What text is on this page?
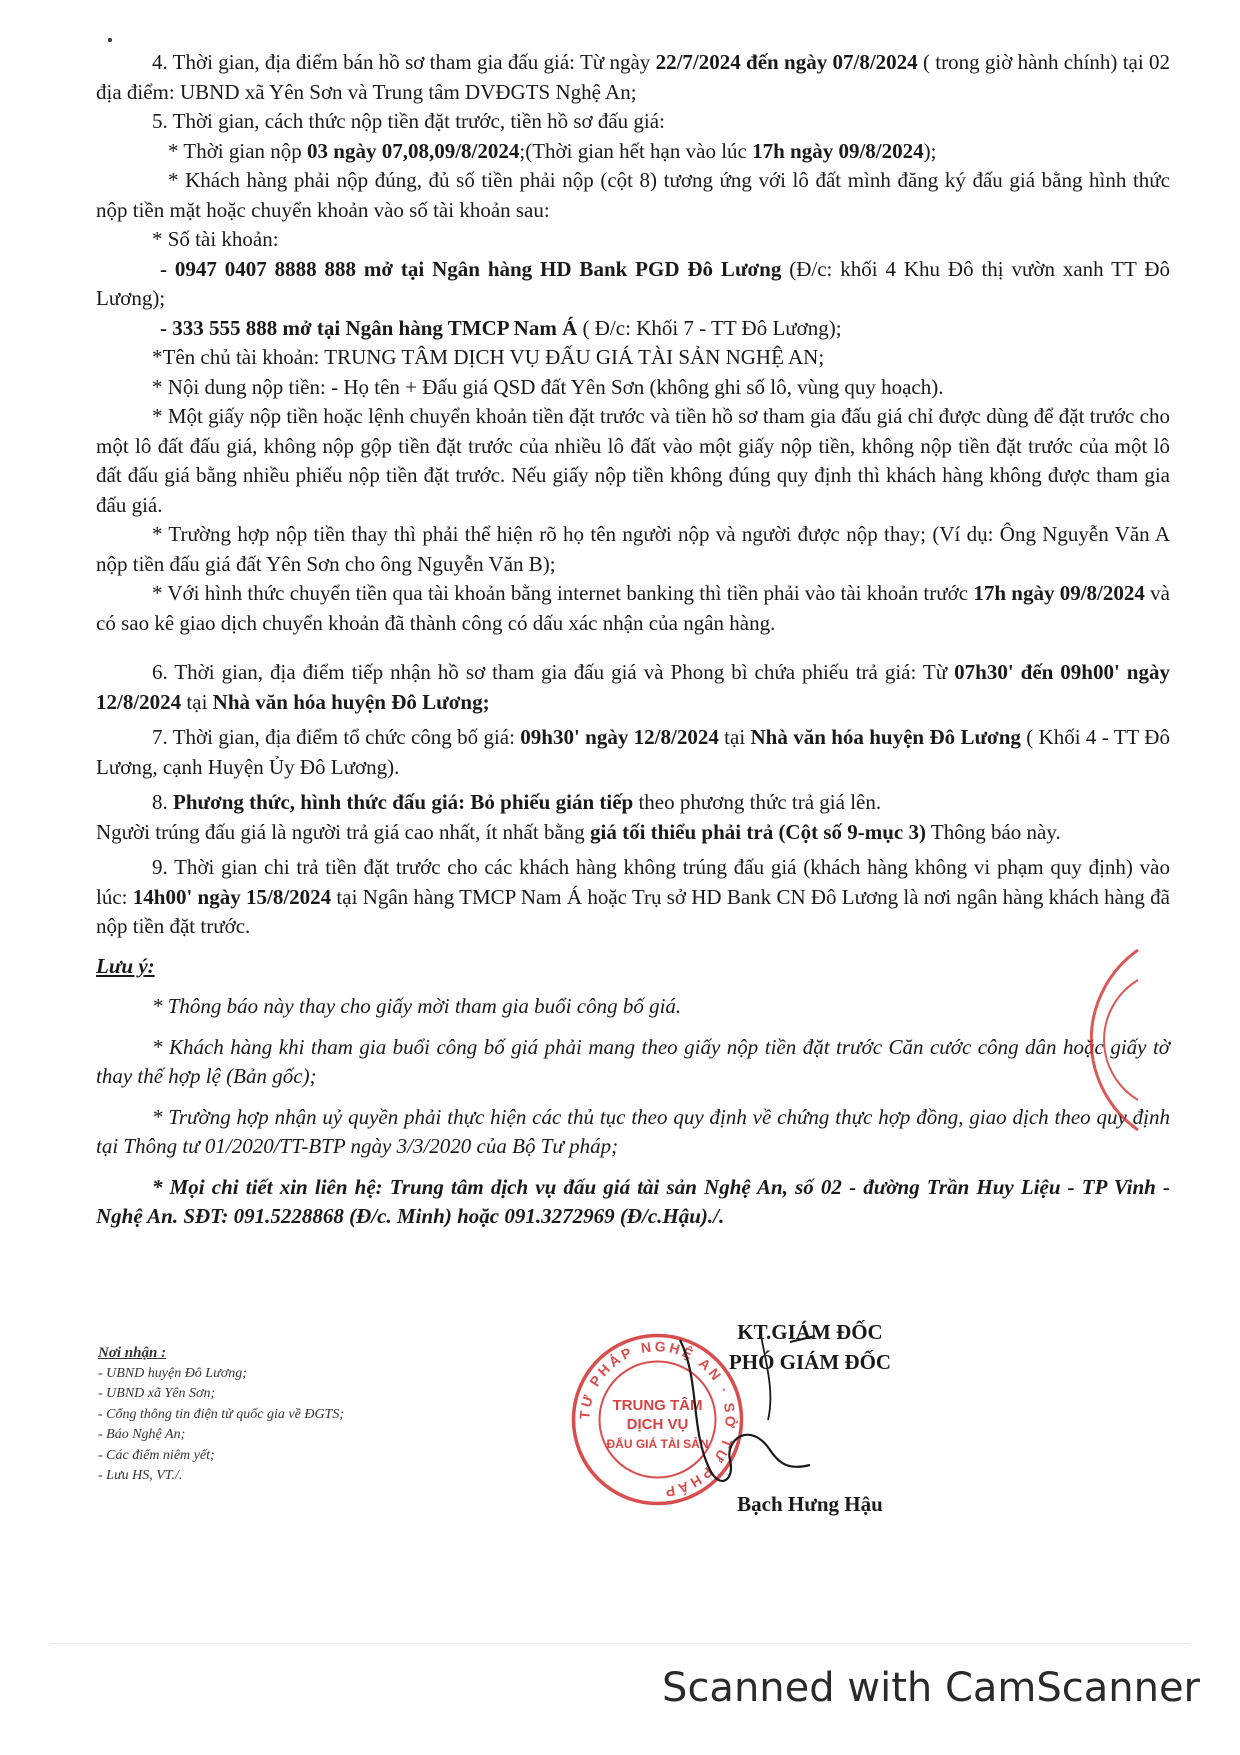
4. Thời gian, địa điểm bán hồ sơ tham gia đấu giá: Từ ngày 22/7/2024 đến ngày 07/8/2024 ( trong giờ hành chính) tại 02 địa điểm: UBND xã Yên Sơn và Trung tâm DVĐGTS Nghệ An;

5. Thời gian, cách thức nộp tiền đặt trước, tiền hồ sơ đấu giá:

* Thời gian nộp 03 ngày 07,08,09/8/2024;(Thời gian hết hạn vào lúc 17h ngày 09/8/2024);

* Khách hàng phải nộp đúng, đủ số tiền phải nộp (cột 8) tương ứng với lô đất mình đăng ký đấu giá bằng hình thức nộp tiền mặt hoặc chuyển khoản vào số tài khoản sau:

* Số tài khoản:

- 0947 0407 8888 888 mở tại Ngân hàng HD Bank PGD Đô Lương (Đ/c: khối 4 Khu Đô thị vườn xanh TT Đô Lương);

- 333 555 888 mở tại Ngân hàng TMCP Nam Á ( Đ/c: Khối 7 - TT Đô Lương);

*Tên chủ tài khoản: TRUNG TÂM DỊCH VỤ ĐẤU GIÁ TÀI SẢN NGHỆ AN;

* Nội dung nộp tiền: - Họ tên + Đấu giá QSD đất Yên Sơn (không ghi số lô, vùng quy hoạch).

* Một giấy nộp tiền hoặc lệnh chuyển khoản tiền đặt trước và tiền hồ sơ tham gia đấu giá chỉ được dùng để đặt trước cho một lô đất đấu giá, không nộp gộp tiền đặt trước của nhiều lô đất vào một giấy nộp tiền, không nộp tiền đặt trước của một lô đất đấu giá bằng nhiều phiếu nộp tiền đặt trước. Nếu giấy nộp tiền không đúng quy định thì khách hàng không được tham gia đấu giá.

* Trường hợp nộp tiền thay thì phải thể hiện rõ họ tên người nộp và người được nộp thay; (Ví dụ: Ông Nguyễn Văn A nộp tiền đấu giá đất Yên Sơn cho ông Nguyễn Văn B);

* Với hình thức chuyển tiền qua tài khoản bằng internet banking thì tiền phải vào tài khoản trước 17h ngày 09/8/2024 và có sao kê giao dịch chuyển khoản đã thành công có dấu xác nhận của ngân hàng.

6. Thời gian, địa điểm tiếp nhận hồ sơ tham gia đấu giá và Phong bì chứa phiếu trả giá: Từ 07h30' đến 09h00' ngày 12/8/2024 tại Nhà văn hóa huyện Đô Lương;

7. Thời gian, địa điểm tổ chức công bố giá: 09h30' ngày 12/8/2024 tại Nhà văn hóa huyện Đô Lương ( Khối 4 - TT Đô Lương, cạnh Huyện Ủy Đô Lương).

8. Phương thức, hình thức đấu giá: Bỏ phiếu gián tiếp theo phương thức trả giá lên.

Người trúng đấu giá là người trả giá cao nhất, ít nhất bằng giá tối thiểu phải trả (Cột số 9-mục 3) Thông báo này.

9. Thời gian chi trả tiền đặt trước cho các khách hàng không trúng đấu giá (khách hàng không vi phạm quy định) vào lúc: 14h00' ngày 15/8/2024 tại Ngân hàng TMCP Nam Á hoặc Trụ sở HD Bank CN Đô Lương là nơi ngân hàng khách hàng đã nộp tiền đặt trước.

Lưu ý:

* Thông báo này thay cho giấy mời tham gia buổi công bố giá.

* Khách hàng khi tham gia buổi công bố giá phải mang theo giấy nộp tiền đặt trước Căn cước công dân hoặc giấy tờ thay thế hợp lệ (Bản gốc);

* Trường hợp nhận uỷ quyền phải thực hiện các thủ tục theo quy định về chứng thực hợp đồng, giao dịch theo quy định tại Thông tư 01/2020/TT-BTP ngày 3/3/2020 của Bộ Tư pháp;

* Mọi chi tiết xin liên hệ: Trung tâm dịch vụ đấu giá tài sản Nghệ An, số 02 - đường Trần Huy Liệu - TP Vinh - Nghệ An. SĐT: 091.5228868 (Đ/c. Minh) hoặc 091.3272969 (Đ/c.Hậu)./.

Nơi nhận :
- UBND huyện Đô Lương;
- UBND xã Yên Sơn;
- Cổng thông tin điện tử quốc gia về ĐGTS;
- Báo Nghệ An;
- Các điểm niêm yết;
- Lưu HS, VT./.
KT.GIÁM ĐỐC
PHÓ GIÁM ĐỐC
TƯ PHÁP NGHỆ AN · SỞ TƯ PHÁP
TRUNG TÂM
DỊCH VỤ
ĐẤU GIÁ TÀI SẢN
Bạch Hưng Hậu
Scanned with CamScanner
